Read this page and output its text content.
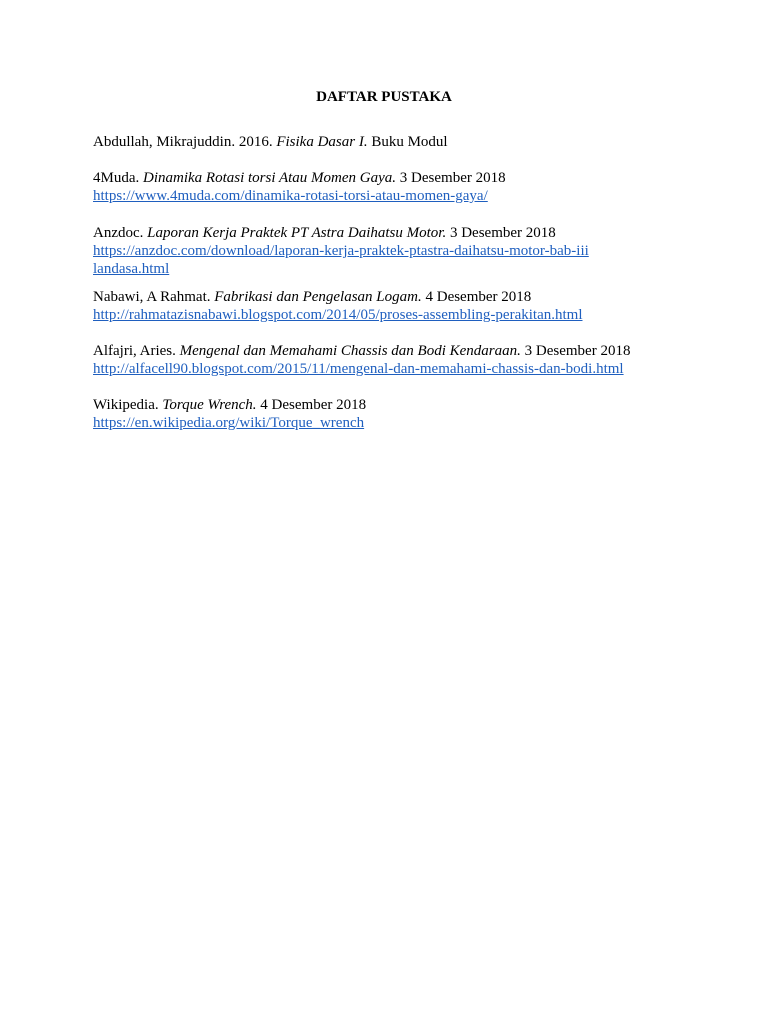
DAFTAR PUSTAKA
Abdullah, Mikrajuddin. 2016. Fisika Dasar I. Buku Modul
4Muda. Dinamika Rotasi torsi Atau Momen Gaya. 3 Desember 2018
https://www.4muda.com/dinamika-rotasi-torsi-atau-momen-gaya/
Anzdoc. Laporan Kerja Praktek PT Astra Daihatsu Motor. 3 Desember 2018
https://anzdoc.com/download/laporan-kerja-praktek-ptastra-daihatsu-motor-bab-iii
landasa.html
Nabawi, A Rahmat. Fabrikasi dan Pengelasan Logam. 4 Desember 2018
http://rahmatazisnabawi.blogspot.com/2014/05/proses-assembling-perakitan.html
Alfajri, Aries. Mengenal dan Memahami Chassis dan Bodi Kendaraan. 3 Desember 2018
http://alfacell90.blogspot.com/2015/11/mengenal-dan-memahami-chassis-dan-bodi.html
Wikipedia. Torque Wrench. 4 Desember 2018
https://en.wikipedia.org/wiki/Torque_wrench
